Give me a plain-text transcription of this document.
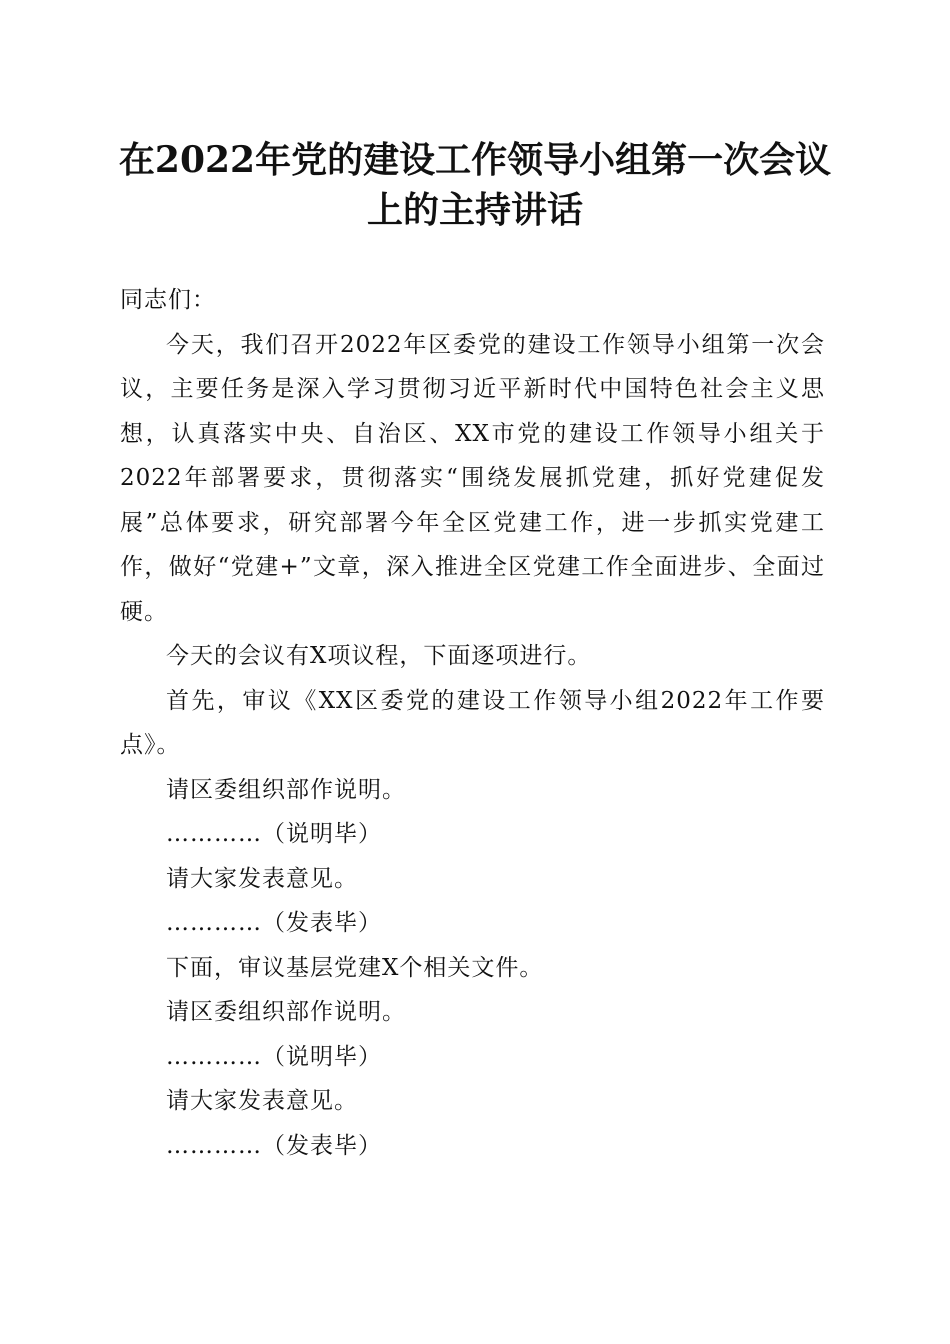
在2022年党的建设工作领导小组第一次会议
上的主持讲话

同志们：

今天，我们召开2022年区委党的建设工作领导小组第一次会议，主要任务是深入学习贯彻习近平新时代中国特色社会主义思想，认真落实中央、自治区、XX市党的建设工作领导小组关于2022年部署要求，贯彻落实“围绕发展抓党建，抓好党建促发展”总体要求，研究部署今年全区党建工作，进一步抓实党建工作，做好“党建+”文章，深入推进全区党建工作全面进步、全面过硬。

今天的会议有X项议程，下面逐项进行。

首先，审议《XX区委党的建设工作领导小组2022年工作要点》。

请区委组织部作说明。

…………（说明毕）

请大家发表意见。

…………（发表毕）

下面，审议基层党建X个相关文件。

请区委组织部作说明。

…………（说明毕）

请大家发表意见。

…………（发表毕）
